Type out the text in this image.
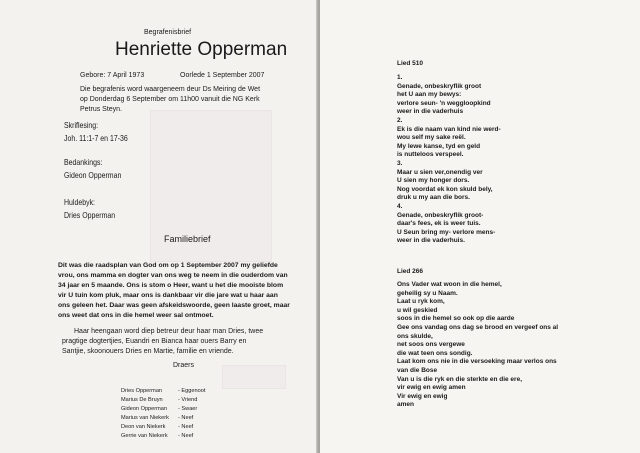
Begrafenisbrief
Henriette Opperman
Gebore: 7 April 1973	Oorlede 1 September 2007
Die begrafenis word waargeneem deur Ds Meiring de Wet
op Donderdag 6 September om 11h00 vanuit die NG Kerk
Petrus Steyn.
Skriflesing:
Joh. 11:1-7 en 17-36
Bedankings:
Gideon Opperman
Huldebyk:
Dries Opperman
Familiebrief
Dit was die raadsplan van God om op 1 September 2007 my geliefde
vrou, ons mamma en dogter van ons weg te neem in die ouderdom van
34 jaar en 5 maande. Ons is stom o Heer, want u het die mooiste blom
vir U tuin kom pluk, maar ons is dankbaar vir die jare wat u haar aan
ons geleen het. Daar was geen afskeidswoorde, geen laaste groet, maar
ons weet dat ons in die hemel weer sal ontmoet.
Haar heengaan word diep betreur deur haar man Dries, twee
pragtige dogtertjies, Euandri en Bianca haar ouers Barry en
Santjie, skoonouers Dries en Martie, familie en vriende.
Draers
Dries Opperman	- Eggenoot
Marius De Bruyn	- Vriend
Gideon Opperman - Swaer
Marius van Niekerk - Neef
Deon van Niekerk - Neef
Gerrie van Niekerk - Neef
Lied 510
1.
Genade, onbeskryflik groot
het U aan my bewys:
verlore seun- 'n weggloopkind
weer in die vaderhuis
2.
Ek is die naam van kind nie werd-
wou self my sake reël.
My lewe kanse, tyd en geld
is nutteloos verspeel.
3.
Maar u sien ver,onendig ver
U sien my honger dors.
Nog voordat ek kon skuld bely,
druk u my aan die bors.
4.
Genade, onbeskryflik groot-
daar's fees, ek is weer tuis.
U Seun bring my- verlore mens-
weer in die vaderhuis.
Lied 266
Ons Vader wat woon in die hemel,
geheilig sy u Naam.
Laat u ryk kom,
u wil geskied
soos in die hemel so ook op die aarde
Gee ons vandag ons dag se brood en vergeef ons al
ons skulde,
net soos ons vergewe
die wat teen ons sondig.
Laat kom ons nie in die versoeking maar verlos ons
van die Bose
Van u is die ryk en die sterkte en die ere,
vir ewig en ewig amen
Vir ewig en ewig
amen
